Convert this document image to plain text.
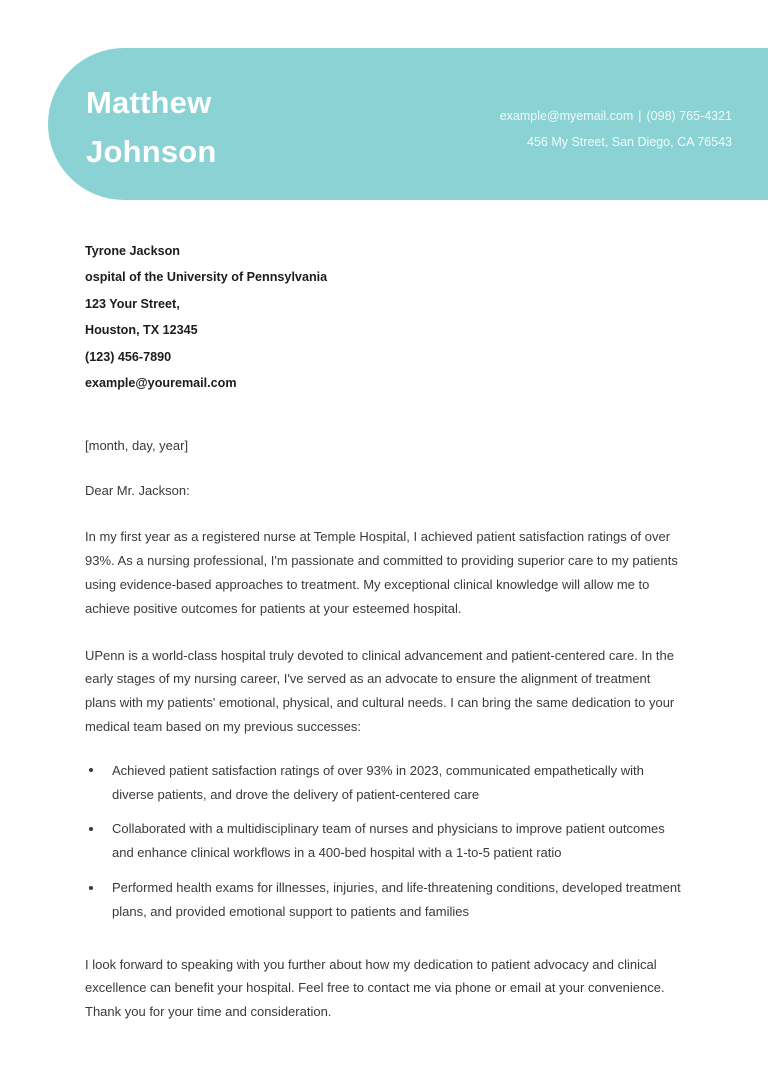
Matthew
Johnson
example@myemail.com | (098) 765-4321
456 My Street, San Diego, CA 76543
Tyrone Jackson
ospital of the University of Pennsylvania
123 Your Street,
Houston, TX 12345
(123) 456-7890
example@youremail.com
[month, day, year]
Dear Mr. Jackson:

In my first year as a registered nurse at Temple Hospital, I achieved patient satisfaction ratings of over 93%. As a nursing professional, I'm passionate and committed to providing superior care to my patients using evidence-based approaches to treatment. My exceptional clinical knowledge will allow me to achieve positive outcomes for patients at your esteemed hospital.

UPenn is a world-class hospital truly devoted to clinical advancement and patient-centered care. In the early stages of my nursing career, I've served as an advocate to ensure the alignment of treatment plans with my patients' emotional, physical, and cultural needs. I can bring the same dedication to your medical team based on my previous successes:

Achieved patient satisfaction ratings of over 93% in 2023, communicated empathetically with diverse patients, and drove the delivery of patient-centered care
Collaborated with a multidisciplinary team of nurses and physicians to improve patient outcomes and enhance clinical workflows in a 400-bed hospital with a 1-to-5 patient ratio
Performed health exams for illnesses, injuries, and life-threatening conditions, developed treatment plans, and provided emotional support to patients and families

I look forward to speaking with you further about how my dedication to patient advocacy and clinical excellence can benefit your hospital. Feel free to contact me via phone or email at your convenience. Thank you for your time and consideration.
